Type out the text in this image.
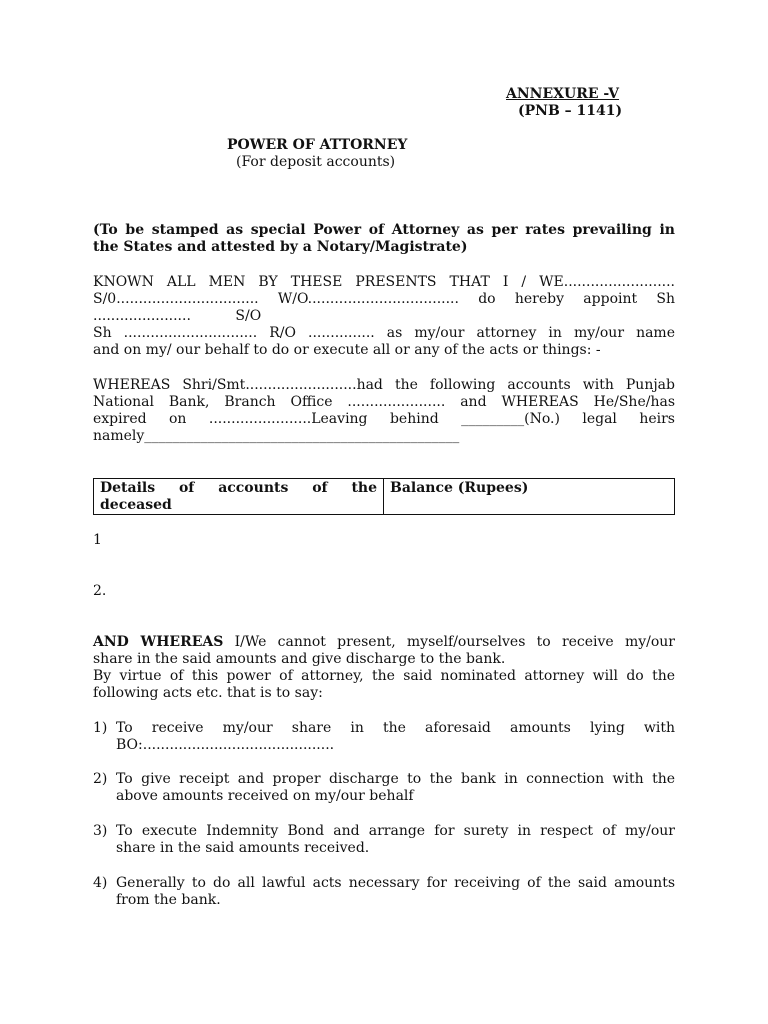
ANNEXURE -V
(PNB – 1141)
POWER OF ATTORNEY
(For deposit accounts)
(To be stamped as special Power of Attorney as per rates prevailing in
the States and attested by a Notary/Magistrate)
KNOWN ALL MEN BY THESE PRESENTS THAT I / WE.........................
S/0................................ W/O.................................. do hereby appoint Sh
......................          S/O
Sh .............................. R/O ............... as my/our attorney in my/our name
and on my/ our behalf to do or execute all or any of the acts or things: -
WHEREAS Shri/Smt.........................had the following accounts with Punjab
National Bank, Branch Office ...................... and WHEREAS He/She/has
expired on .......................Leaving behind _________(No.) legal heirs
namely_____________________________________________
Details of accounts of the deceased	Balance (Rupees)
1
2.
AND WHEREAS I/We cannot present, myself/ourselves to receive my/our
share in the said amounts and give discharge to the bank.
By virtue of this power of attorney, the said nominated attorney will do the
following acts etc. that is to say:
1) To receive my/our share in the aforesaid amounts lying with
BO:...........................................
2) To give receipt and proper discharge to the bank in connection with the
above amounts received on my/our behalf
3) To execute Indemnity Bond and arrange for surety in respect of my/our
share in the said amounts received.
4) Generally to do all lawful acts necessary for receiving of the said amounts
from the bank.
